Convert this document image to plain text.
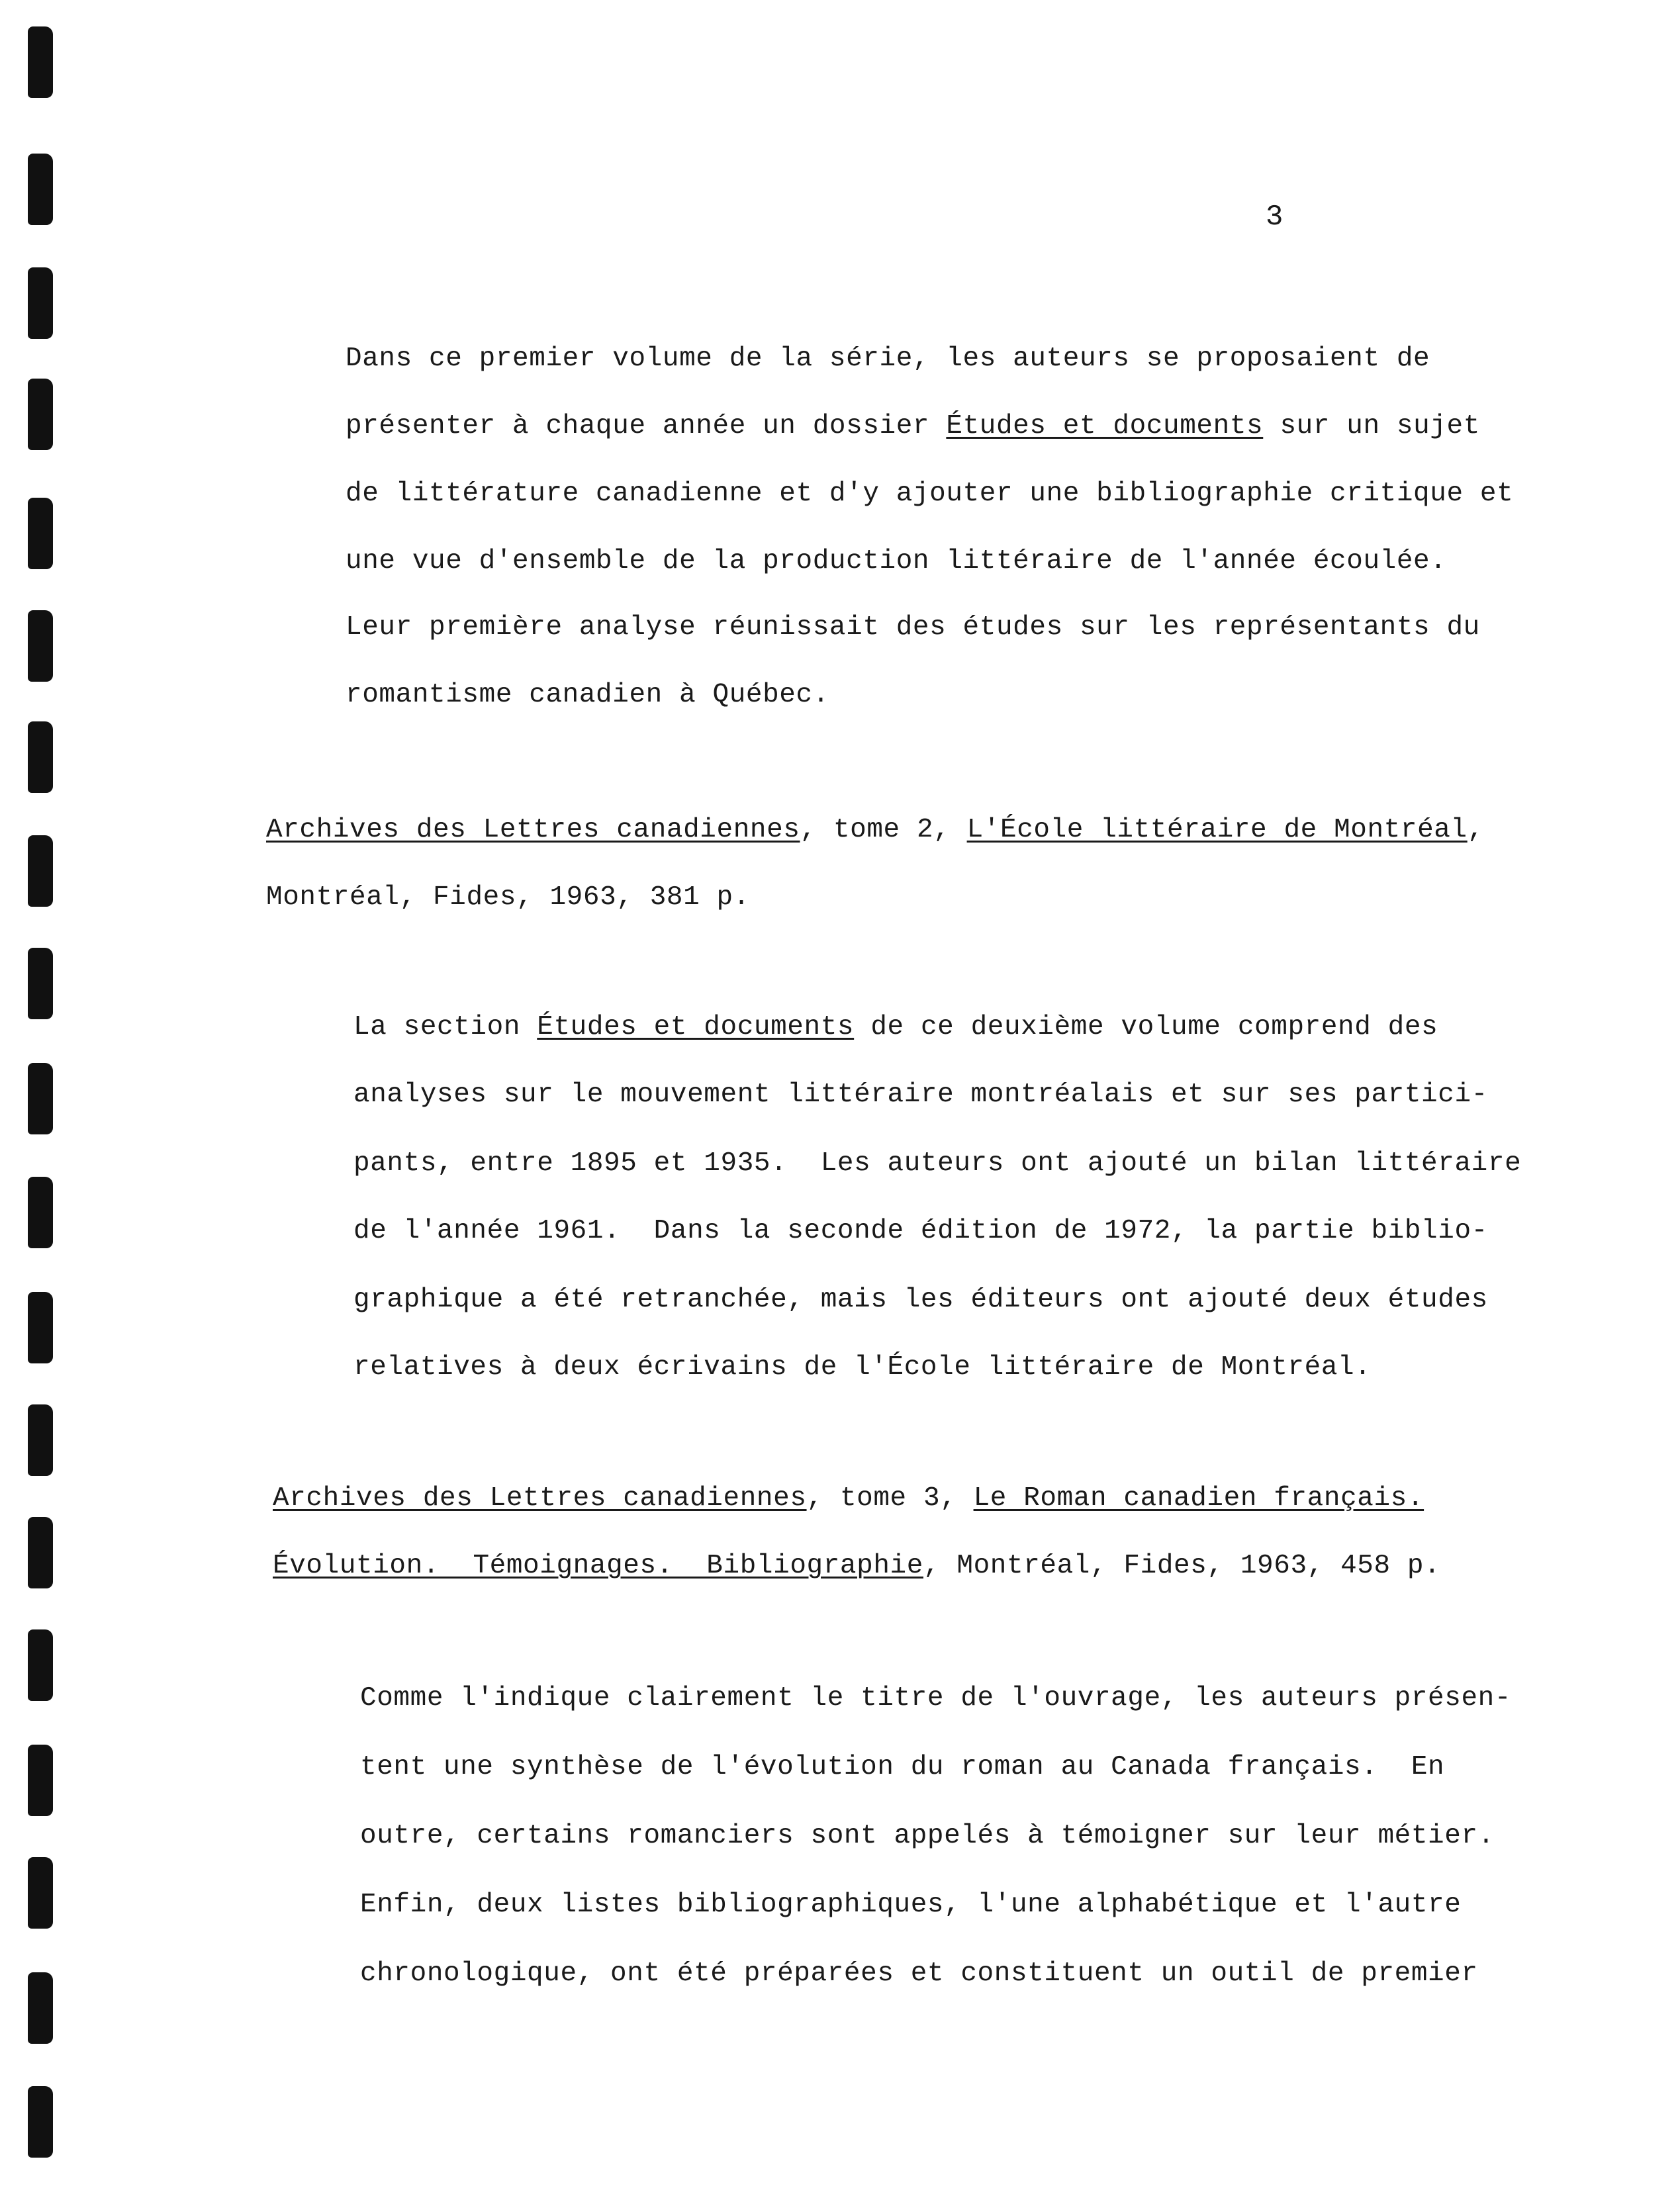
3
Dans ce premier volume de la série, les auteurs se proposaient de
présenter à chaque année un dossier Études et documents sur un sujet
de littérature canadienne et d'y ajouter une bibliographie critique et
une vue d'ensemble de la production littéraire de l'année écoulée.
Leur première analyse réunissait des études sur les représentants du
romantisme canadien à Québec.
Archives des Lettres canadiennes, tome 2, L'École littéraire de Montréal,
Montréal, Fides, 1963, 381 p.
La section Études et documents de ce deuxième volume comprend des
analyses sur le mouvement littéraire montréalais et sur ses partici-
pants, entre 1895 et 1935.  Les auteurs ont ajouté un bilan littéraire
de l'année 1961.  Dans la seconde édition de 1972, la partie biblio-
graphique a été retranchée, mais les éditeurs ont ajouté deux études
relatives à deux écrivains de l'École littéraire de Montréal.
Archives des Lettres canadiennes, tome 3, Le Roman canadien français.
Évolution.  Témoignages.  Bibliographie, Montréal, Fides, 1963, 458 p.
Comme l'indique clairement le titre de l'ouvrage, les auteurs présen-
tent une synthèse de l'évolution du roman au Canada français.  En
outre, certains romanciers sont appelés à témoigner sur leur métier.
Enfin, deux listes bibliographiques, l'une alphabétique et l'autre
chronologique, ont été préparées et constituent un outil de premier
